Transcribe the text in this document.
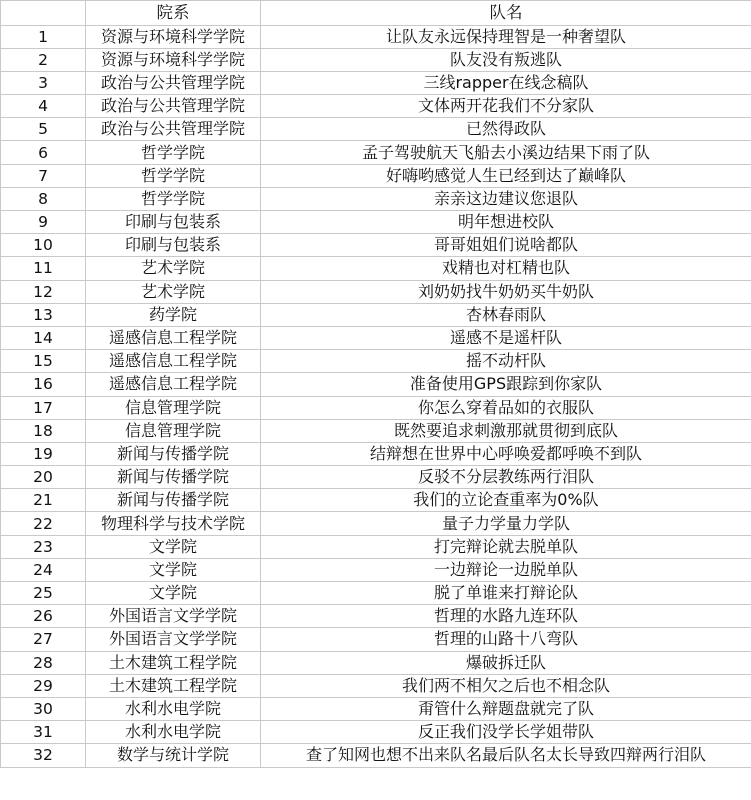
	院系	队名
1	资源与环境科学学院	让队友永远保持理智是一种奢望队
2	资源与环境科学学院	队友没有叛逃队
3	政治与公共管理学院	三线rapper在线念稿队
4	政治与公共管理学院	文体两开花我们不分家队
5	政治与公共管理学院	已然得政队
6	哲学学院	孟子驾驶航天飞船去小溪边结果下雨了队
7	哲学学院	好嗨哟感觉人生已经到达了巅峰队
8	哲学学院	亲亲这边建议您退队
9	印刷与包装系	明年想进校队
10	印刷与包装系	哥哥姐姐们说啥都队
11	艺术学院	戏精也对杠精也队
12	艺术学院	刘奶奶找牛奶奶买牛奶队
13	药学院	杏林春雨队
14	遥感信息工程学院	遥感不是遥杆队
15	遥感信息工程学院	摇不动杆队
16	遥感信息工程学院	准备使用GPS跟踪到你家队
17	信息管理学院	你怎么穿着品如的衣服队
18	信息管理学院	既然要追求刺激那就贯彻到底队
19	新闻与传播学院	结辩想在世界中心呼唤爱都呼唤不到队
20	新闻与传播学院	反驳不分层教练两行泪队
21	新闻与传播学院	我们的立论查重率为0%队
22	物理科学与技术学院	量子力学量力学队
23	文学院	打完辩论就去脱单队
24	文学院	一边辩论一边脱单队
25	文学院	脱了单谁来打辩论队
26	外国语言文学学院	哲理的水路九连环队
27	外国语言文学学院	哲理的山路十八弯队
28	土木建筑工程学院	爆破拆迁队
29	土木建筑工程学院	我们两不相欠之后也不相念队
30	水利水电学院	甭管什么辩题盘就完了队
31	水利水电学院	反正我们没学长学姐带队
32	数学与统计学院	查了知网也想不出来队名最后队名太长导致四辩两行泪队
